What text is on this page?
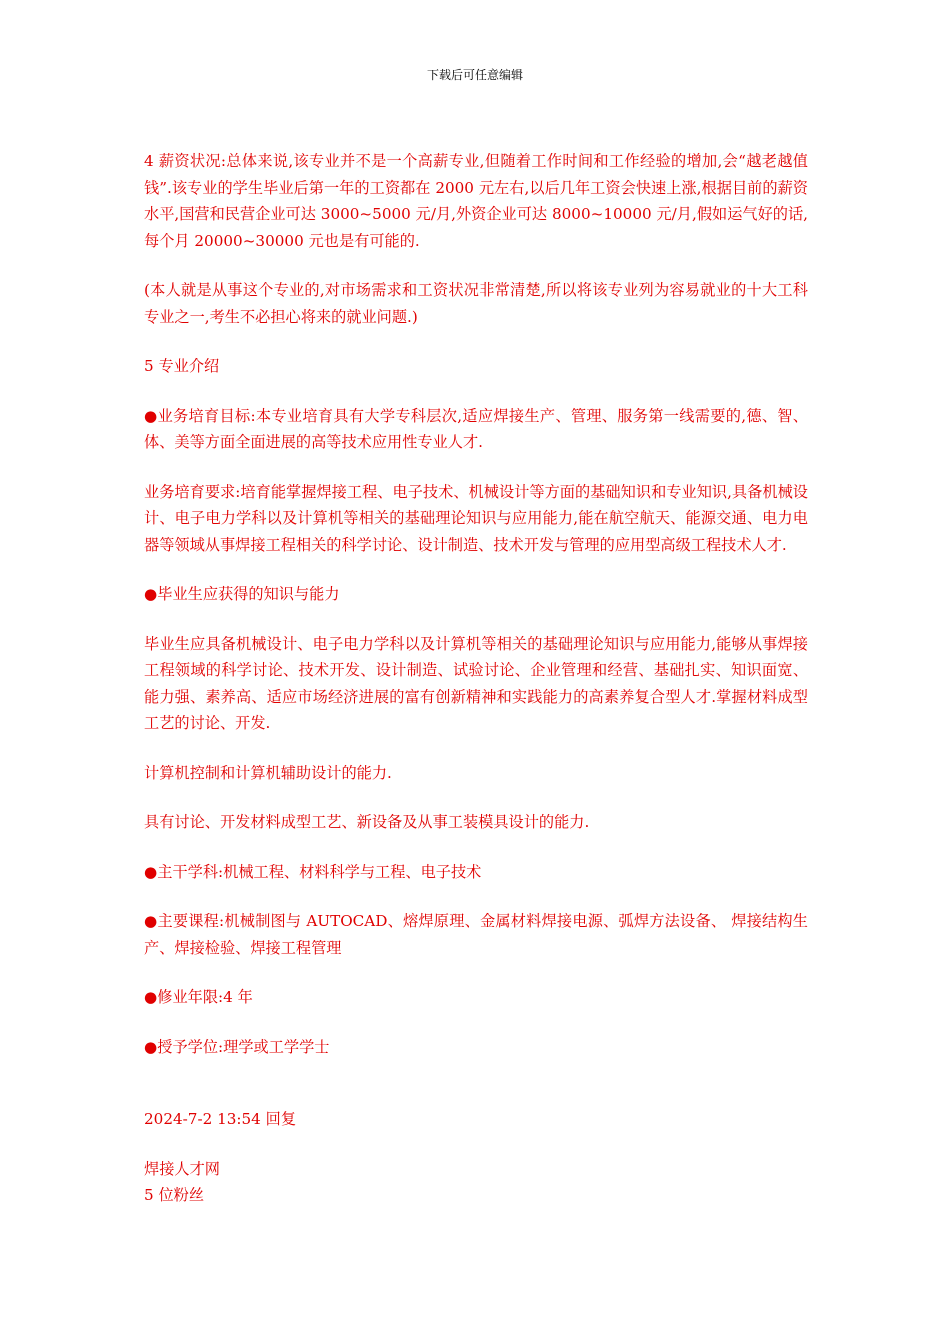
下载后可任意编辑

4 薪资状况:总体来说,该专业并不是一个高薪专业,但随着工作时间和工作经验的增加,会“越老越值钱”.该专业的学生毕业后第一年的工资都在 2000 元左右,以后几年工资会快速上涨,根据目前的薪资水平,国营和民营企业可达 3000~5000 元/月,外资企业可达 8000~10000 元/月,假如运气好的话,每个月 20000~30000 元也是有可能的.

(本人就是从事这个专业的,对市场需求和工资状况非常清楚,所以将该专业列为容易就业的十大工科专业之一,考生不必担心将来的就业问题.)

5 专业介绍

●业务培育目标:本专业培育具有大学专科层次,适应焊接生产、管理、服务第一线需要的,德、智、体、美等方面全面进展的高等技术应用性专业人才.

业务培育要求:培育能掌握焊接工程、电子技术、机械设计等方面的基础知识和专业知识,具备机械设计、电子电力学科以及计算机等相关的基础理论知识与应用能力,能在航空航天、能源交通、电力电器等领域从事焊接工程相关的科学讨论、设计制造、技术开发与管理的应用型高级工程技术人才.

●毕业生应获得的知识与能力

毕业生应具备机械设计、电子电力学科以及计算机等相关的基础理论知识与应用能力,能够从事焊接工程领域的科学讨论、技术开发、设计制造、试验讨论、企业管理和经营、基础扎实、知识面宽、能力强、素养高、适应市场经济进展的富有创新精神和实践能力的高素养复合型人才.掌握材料成型工艺的讨论、开发.

计算机控制和计算机辅助设计的能力.

具有讨论、开发材料成型工艺、新设备及从事工装模具设计的能力.

●主干学科:机械工程、材料科学与工程、电子技术

●主要课程:机械制图与 AUTOCAD、熔焊原理、金属材料焊接电源、弧焊方法设备、 焊接结构生产、焊接检验、焊接工程管理

●修业年限:4 年

●授予学位:理学或工学学士

2024-7-2 13:54 回复

焊接人才网
5 位粉丝
